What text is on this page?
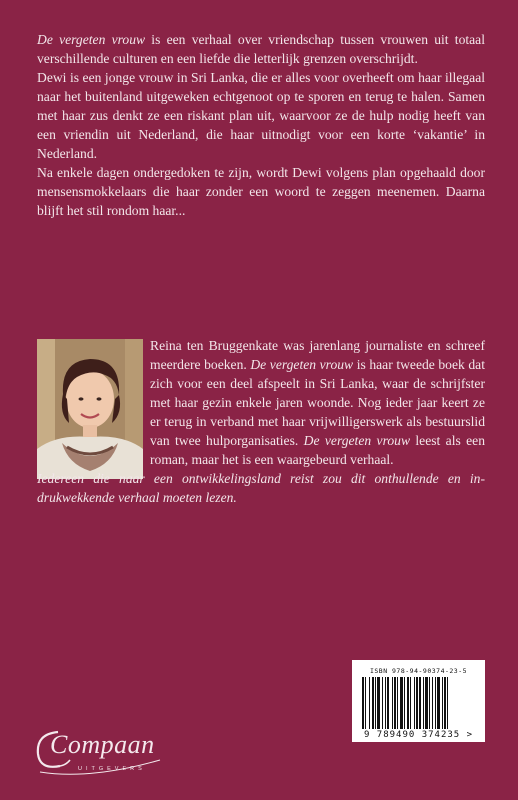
De vergeten vrouw is een verhaal over vriendschap tussen vrouwen uit totaal verschillende culturen en een liefde die letterlijk grenzen overschrijdt.

Dewi is een jonge vrouw in Sri Lanka, die er alles voor overheeft om haar illegaal naar het buitenland uitgeweken echtgenoot op te sporen en terug te halen. Samen met haar zus denkt ze een riskant plan uit, waarvoor ze de hulp nodig heeft van een vriendin uit Nederland, die haar uitnodigt voor een korte ‘vakantie’ in Nederland.

Na enkele dagen ondergedoken te zijn, wordt Dewi volgens plan opgehaald door mensensmokkelaars die haar zonder een woord te zeggen meenemen. Daarna blijft het stil rondom haar...

Reina ten Bruggenkate was jarenlang journaliste en schreef meerdere boeken. De vergeten vrouw is haar tweede boek dat zich voor een deel afspeelt in Sri Lanka, waar de schrijfster met haar gezin enkele jaren woonde. Nog ieder jaar keert ze er terug in verband met haar vrijwilligerswerk als bestuurslid van twee hulporganisaties. De vergeten vrouw leest als een roman, maar het is een waargebeurd verhaal.

Iedereen die naar een ontwikkelingsland reist zou dit onthullende en indrukwekkende verhaal moeten lezen.

ISBN 978-94-90374-23-5
9 789490 374235 >
Compaan
UITGEVERS
